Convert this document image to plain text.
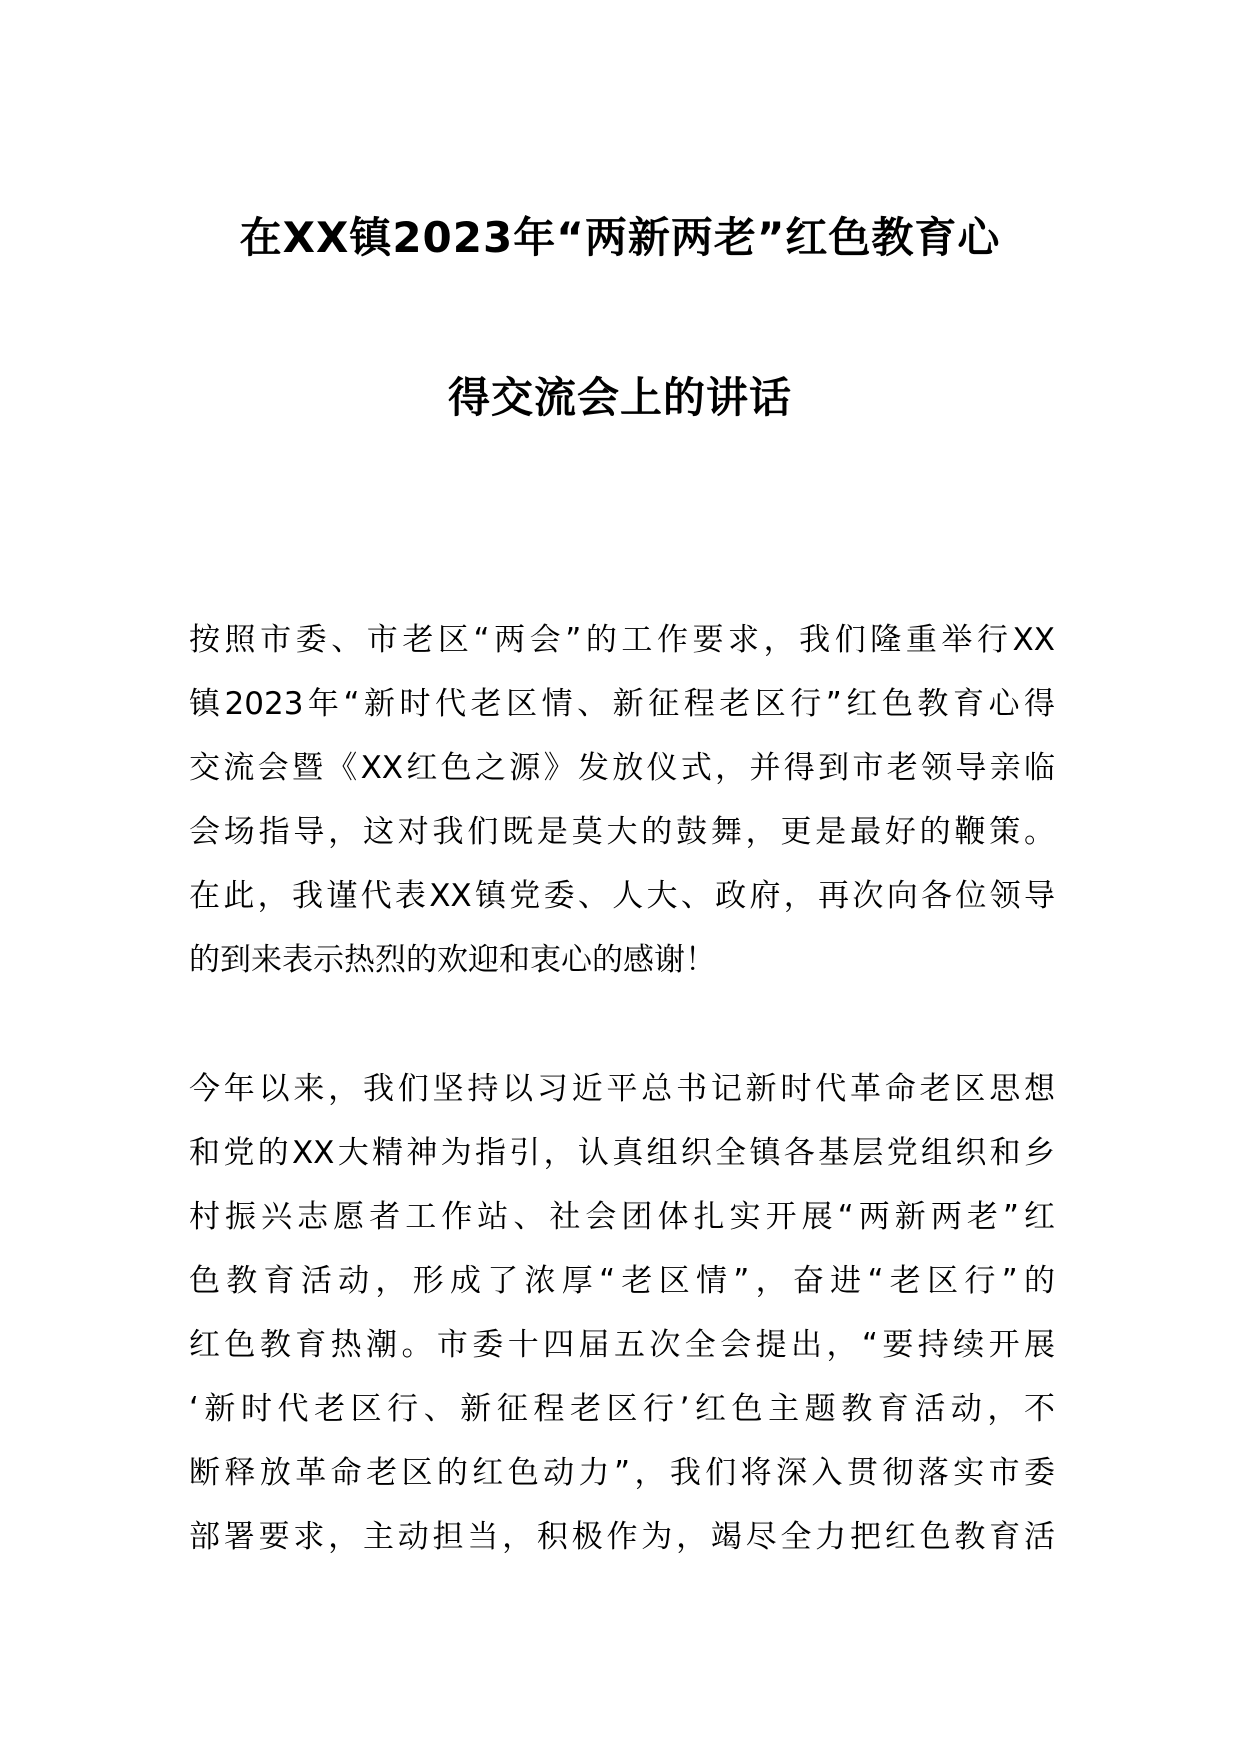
在XX镇2023年“两新两老”红色教育心
得交流会上的讲话
按照市委、市老区“两会”的工作要求，我们隆重举行XX
镇2023年“新时代老区情、新征程老区行”红色教育心得
交流会暨《XX红色之源》发放仪式，并得到市老领导亲临
会场指导，这对我们既是莫大的鼓舞，更是最好的鞭策。
在此，我谨代表XX镇党委、人大、政府，再次向各位领导
的到来表示热烈的欢迎和衷心的感谢！
今年以来，我们坚持以习近平总书记新时代革命老区思想
和党的XX大精神为指引，认真组织全镇各基层党组织和乡
村振兴志愿者工作站、社会团体扎实开展“两新两老”红
色教育活动，形成了浓厚“老区情”，奋进“老区行”的
红色教育热潮。市委十四届五次全会提出，“要持续开展
‘新时代老区行、新征程老区行’红色主题教育活动，不
断释放革命老区的红色动力”，我们将深入贯彻落实市委
部署要求，主动担当，积极作为，竭尽全力把红色教育活
